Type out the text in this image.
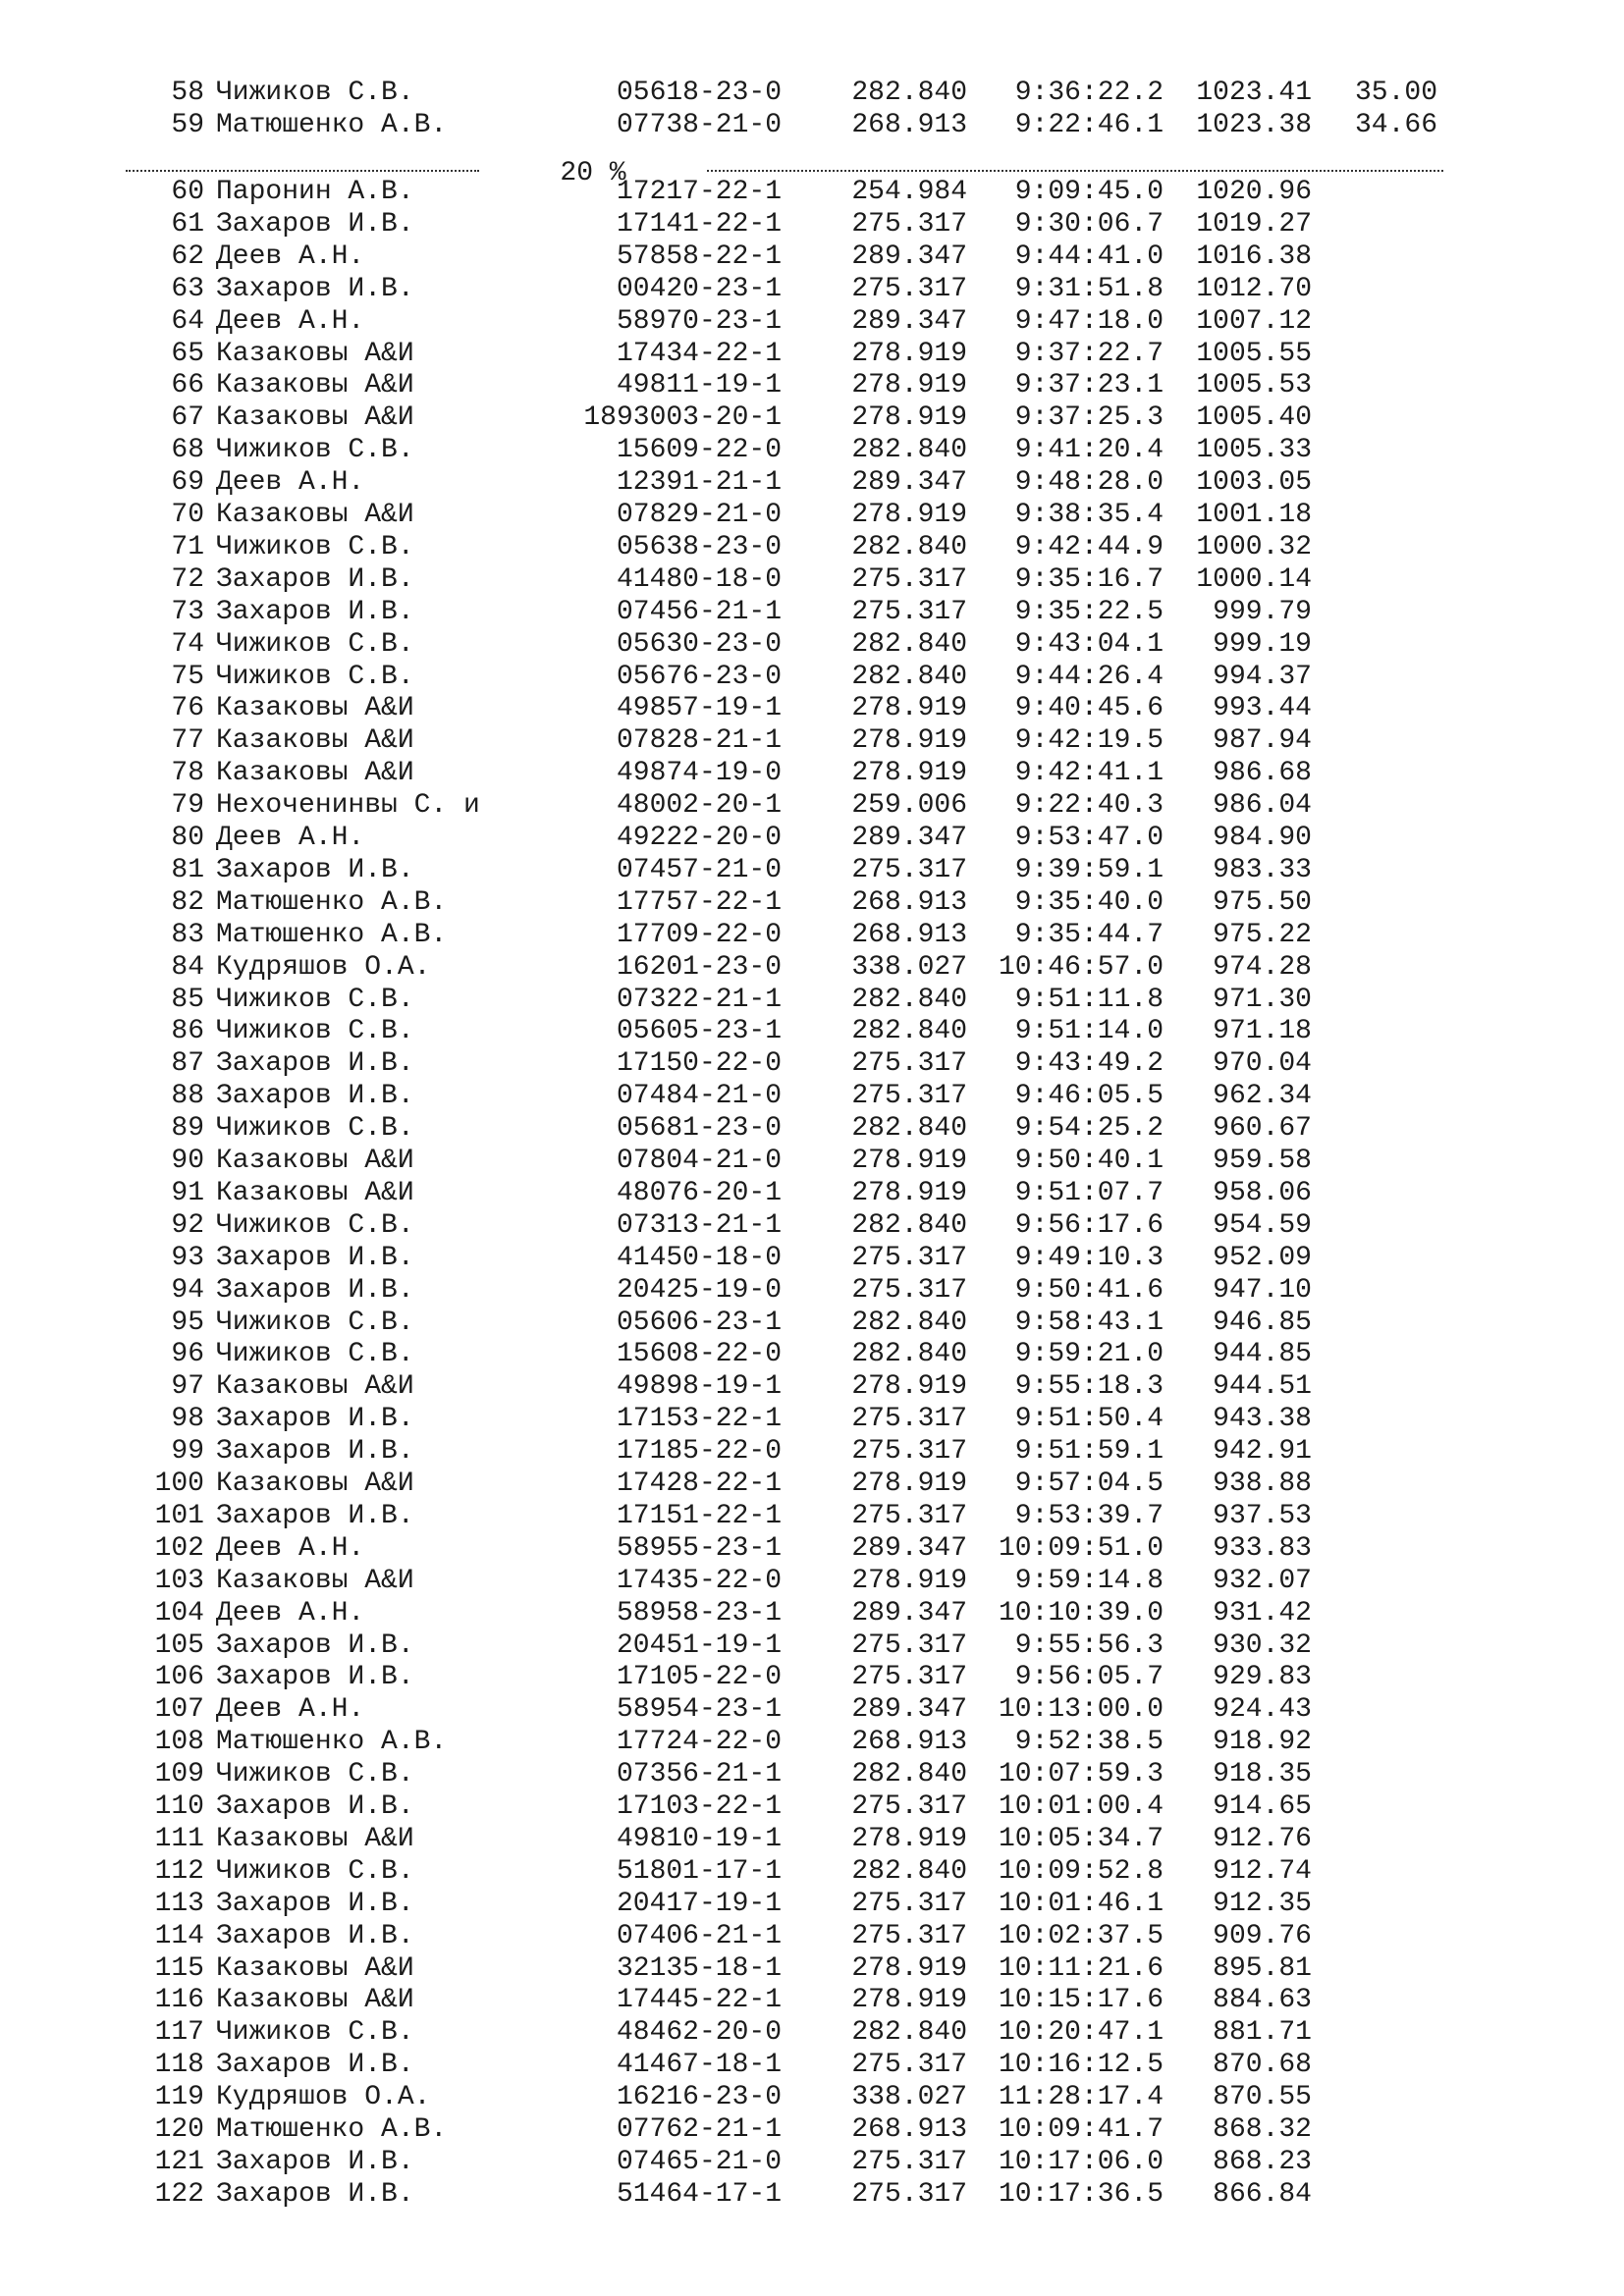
58 Чижиков С.В.	05618-23-0	282.840	9:36:22.2	1023.41	35.00
59 Матюшенко А.В.	07738-21-0	268.913	9:22:46.1	1023.38	34.66
20 %
60 Паронин А.В.	17217-22-1	254.984	9:09:45.0	1020.96
61 Захаров И.В.	17141-22-1	275.317	9:30:06.7	1019.27
62 Деев А.Н.	57858-22-1	289.347	9:44:41.0	1016.38
63 Захаров И.В.	00420-23-1	275.317	9:31:51.8	1012.70
64 Деев А.Н.	58970-23-1	289.347	9:47:18.0	1007.12
65 Казаковы А&И	17434-22-1	278.919	9:37:22.7	1005.55
66 Казаковы А&И	49811-19-1	278.919	9:37:23.1	1005.53
67 Казаковы А&И	1893003-20-1	278.919	9:37:25.3	1005.40
68 Чижиков С.В.	15609-22-0	282.840	9:41:20.4	1005.33
69 Деев А.Н.	12391-21-1	289.347	9:48:28.0	1003.05
70 Казаковы А&И	07829-21-0	278.919	9:38:35.4	1001.18
71 Чижиков С.В.	05638-23-0	282.840	9:42:44.9	1000.32
72 Захаров И.В.	41480-18-0	275.317	9:35:16.7	1000.14
73 Захаров И.В.	07456-21-1	275.317	9:35:22.5	999.79
74 Чижиков С.В.	05630-23-0	282.840	9:43:04.1	999.19
75 Чижиков С.В.	05676-23-0	282.840	9:44:26.4	994.37
76 Казаковы А&И	49857-19-1	278.919	9:40:45.6	993.44
77 Казаковы А&И	07828-21-1	278.919	9:42:19.5	987.94
78 Казаковы А&И	49874-19-0	278.919	9:42:41.1	986.68
79 Нехоченинвы С. и	48002-20-1	259.006	9:22:40.3	986.04
80 Деев А.Н.	49222-20-0	289.347	9:53:47.0	984.90
81 Захаров И.В.	07457-21-0	275.317	9:39:59.1	983.33
82 Матюшенко А.В.	17757-22-1	268.913	9:35:40.0	975.50
83 Матюшенко А.В.	17709-22-0	268.913	9:35:44.7	975.22
84 Кудряшов О.А.	16201-23-0	338.027	10:46:57.0	974.28
85 Чижиков С.В.	07322-21-1	282.840	9:51:11.8	971.30
86 Чижиков С.В.	05605-23-1	282.840	9:51:14.0	971.18
87 Захаров И.В.	17150-22-0	275.317	9:43:49.2	970.04
88 Захаров И.В.	07484-21-0	275.317	9:46:05.5	962.34
89 Чижиков С.В.	05681-23-0	282.840	9:54:25.2	960.67
90 Казаковы А&И	07804-21-0	278.919	9:50:40.1	959.58
91 Казаковы А&И	48076-20-1	278.919	9:51:07.7	958.06
92 Чижиков С.В.	07313-21-1	282.840	9:56:17.6	954.59
93 Захаров И.В.	41450-18-0	275.317	9:49:10.3	952.09
94 Захаров И.В.	20425-19-0	275.317	9:50:41.6	947.10
95 Чижиков С.В.	05606-23-1	282.840	9:58:43.1	946.85
96 Чижиков С.В.	15608-22-0	282.840	9:59:21.0	944.85
97 Казаковы А&И	49898-19-1	278.919	9:55:18.3	944.51
98 Захаров И.В.	17153-22-1	275.317	9:51:50.4	943.38
99 Захаров И.В.	17185-22-0	275.317	9:51:59.1	942.91
100 Казаковы А&И	17428-22-1	278.919	9:57:04.5	938.88
101 Захаров И.В.	17151-22-1	275.317	9:53:39.7	937.53
102 Деев А.Н.	58955-23-1	289.347	10:09:51.0	933.83
103 Казаковы А&И	17435-22-0	278.919	9:59:14.8	932.07
104 Деев А.Н.	58958-23-1	289.347	10:10:39.0	931.42
105 Захаров И.В.	20451-19-1	275.317	9:55:56.3	930.32
106 Захаров И.В.	17105-22-0	275.317	9:56:05.7	929.83
107 Деев А.Н.	58954-23-1	289.347	10:13:00.0	924.43
108 Матюшенко А.В.	17724-22-0	268.913	9:52:38.5	918.92
109 Чижиков С.В.	07356-21-1	282.840	10:07:59.3	918.35
110 Захаров И.В.	17103-22-1	275.317	10:01:00.4	914.65
111 Казаковы А&И	49810-19-1	278.919	10:05:34.7	912.76
112 Чижиков С.В.	51801-17-1	282.840	10:09:52.8	912.74
113 Захаров И.В.	20417-19-1	275.317	10:01:46.1	912.35
114 Захаров И.В.	07406-21-1	275.317	10:02:37.5	909.76
115 Казаковы А&И	32135-18-1	278.919	10:11:21.6	895.81
116 Казаковы А&И	17445-22-1	278.919	10:15:17.6	884.63
117 Чижиков С.В.	48462-20-0	282.840	10:20:47.1	881.71
118 Захаров И.В.	41467-18-1	275.317	10:16:12.5	870.68
119 Кудряшов О.А.	16216-23-0	338.027	11:28:17.4	870.55
120 Матюшенко А.В.	07762-21-1	268.913	10:09:41.7	868.32
121 Захаров И.В.	07465-21-0	275.317	10:17:06.0	868.23
122 Захаров И.В.	51464-17-1	275.317	10:17:36.5	866.84
